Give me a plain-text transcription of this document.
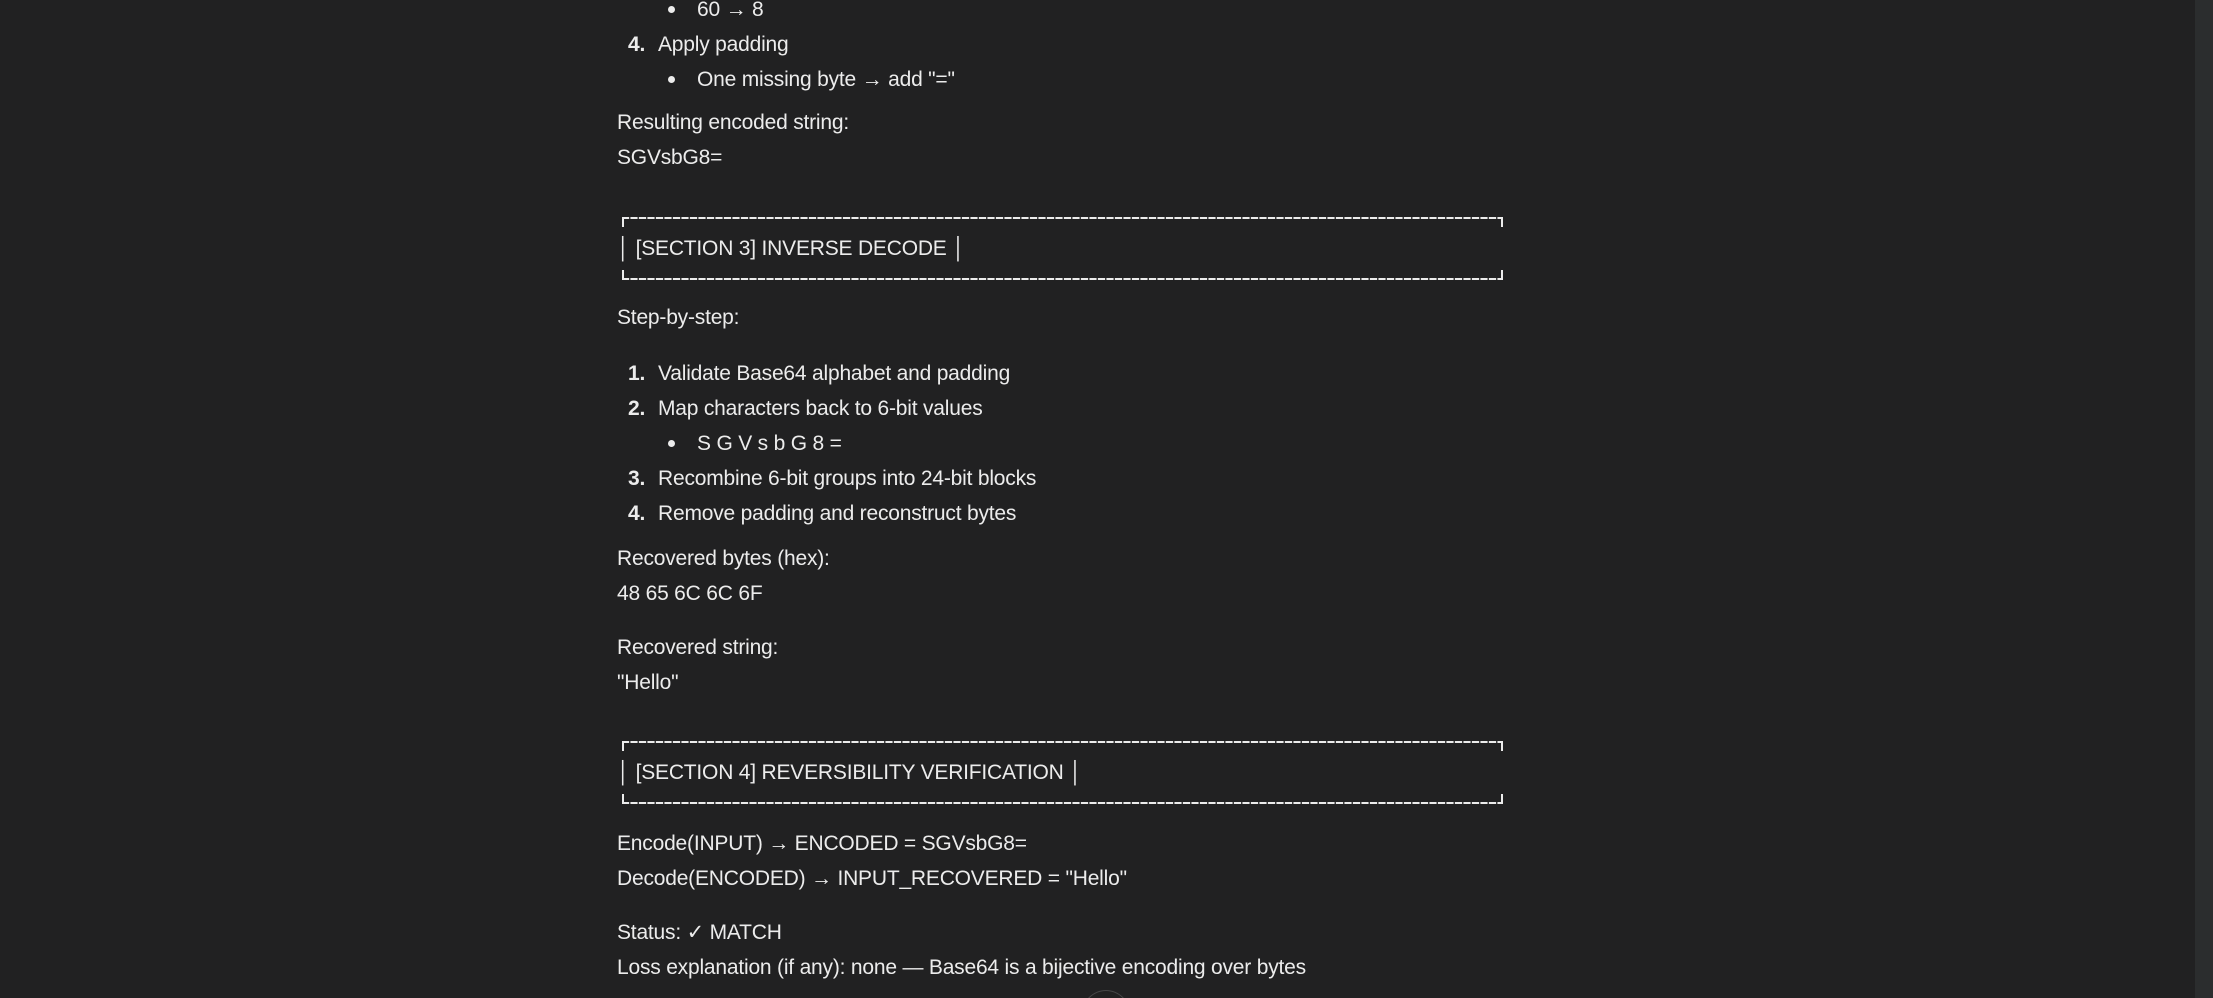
60 → 8
4. Apply padding
One missing byte → add "="
Resulting encoded string:
SGVsbG8=
│ [SECTION 3] INVERSE DECODE │
Step-by-step:
1. Validate Base64 alphabet and padding
2. Map characters back to 6-bit values
S G V s b G 8 =
3. Recombine 6-bit groups into 24-bit blocks
4. Remove padding and reconstruct bytes
Recovered bytes (hex):
48 65 6C 6C 6F
Recovered string:
"Hello"
│ [SECTION 4] REVERSIBILITY VERIFICATION │
Encode(INPUT) → ENCODED = SGVsbG8=
Decode(ENCODED) → INPUT_RECOVERED = "Hello"
Status: ✓ MATCH
Loss explanation (if any): none — Base64 is a bijective encoding over bytes
